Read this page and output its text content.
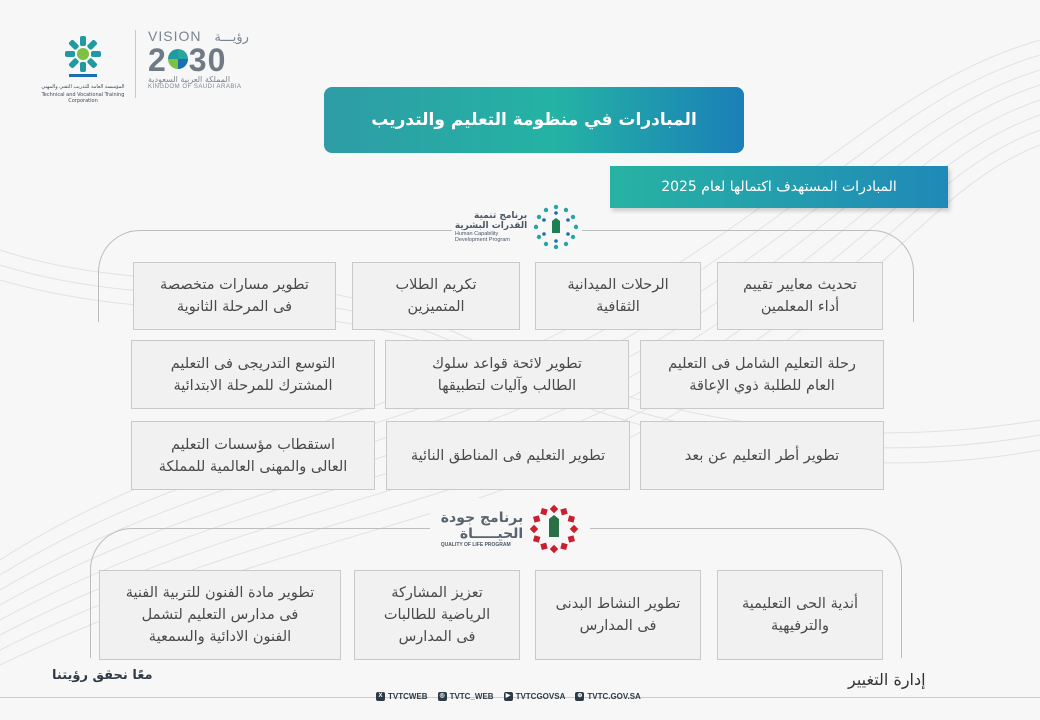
المؤسسة العامة للتدريب التقني والمهني
Technical and Vocational Training Corporation
VISION رؤيـــة
2 30
المملكة العربية السعودية
KINGDOM OF SAUDI ARABIA
المبادرات في منظومة التعليم والتدريب
المبادرات المستهدف اكتمالها لعام 2025
برنامج تنمية
القدرات البشرية
Human Capability
Development Program
تحديث معايير تقييم
أداء المعلمين
الرحلات الميدانية
الثقافية
تكريم الطلاب
المتميزين
تطوير مسارات متخصصة
فى المرحلة الثانوية
رحلة التعليم الشامل فى التعليم
العام للطلبة ذوي الإعاقة
تطوير لائحة قواعد سلوك
الطالب وآليات لتطبيقها
التوسع التدريجى فى التعليم
المشترك للمرحلة الابتدائية
تطوير أطر التعليم عن بعد
تطوير التعليم فى المناطق النائية
استقطاب مؤسسات التعليم
العالى والمهنى العالمية للمملكة
برنامج جودة
الحيـــــاة
QUALITY OF LIFE PROGRAM
أندية الحى التعليمية
والترفيهية
تطوير النشاط البدنى
فى المدارس
تعزيز المشاركة
الرياضية للطالبات
فى المدارس
تطوير مادة الفنون للتربية الفنية
فى مدارس التعليم لتشمل
الفنون الادائية والسمعية
معًا نحقق رؤيتنا	إدارة التغيير
X TVTCWEB	◎ TVTC_WEB	▶ TVTCGOVSA	⊕ TVTC.GOV.SA
